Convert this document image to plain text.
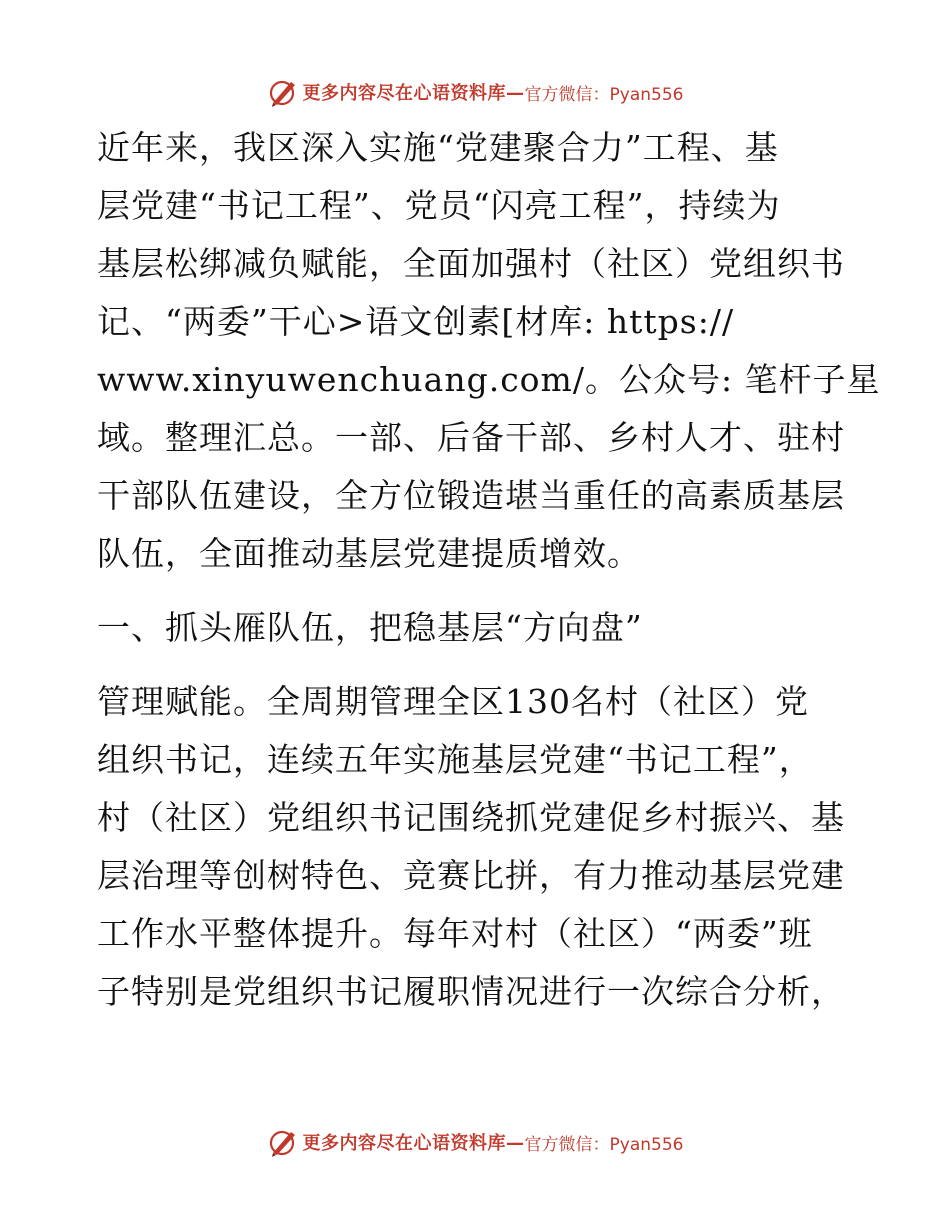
更多内容尽在心语资料库— 官方微信：Pyan556
近年来，我区深入实施“党建聚合力”工程、基
层党建“书记工程”、党员“闪亮工程”，持续为
基层松绑减负赋能，全面加强村（社区）党组织书
记、“两委”干心>语文创素[材库: https://
www.xinyuwenchuang.com/。公众号: 笔杆子星
域。整理汇总。一部、后备干部、乡村人才、驻村
干部队伍建设，全方位锻造堪当重任的高素质基层
队伍，全面推动基层党建提质增效。
一、抓头雁队伍，把稳基层“方向盘”
管理赋能。全周期管理全区130名村（社区）党
组织书记，连续五年实施基层党建“书记工程”，
村（社区）党组织书记围绕抓党建促乡村振兴、基
层治理等创树特色、竞赛比拼，有力推动基层党建
工作水平整体提升。每年对村（社区）“两委”班
子特别是党组织书记履职情况进行一次综合分析，
更多内容尽在心语资料库— 官方微信：Pyan556
